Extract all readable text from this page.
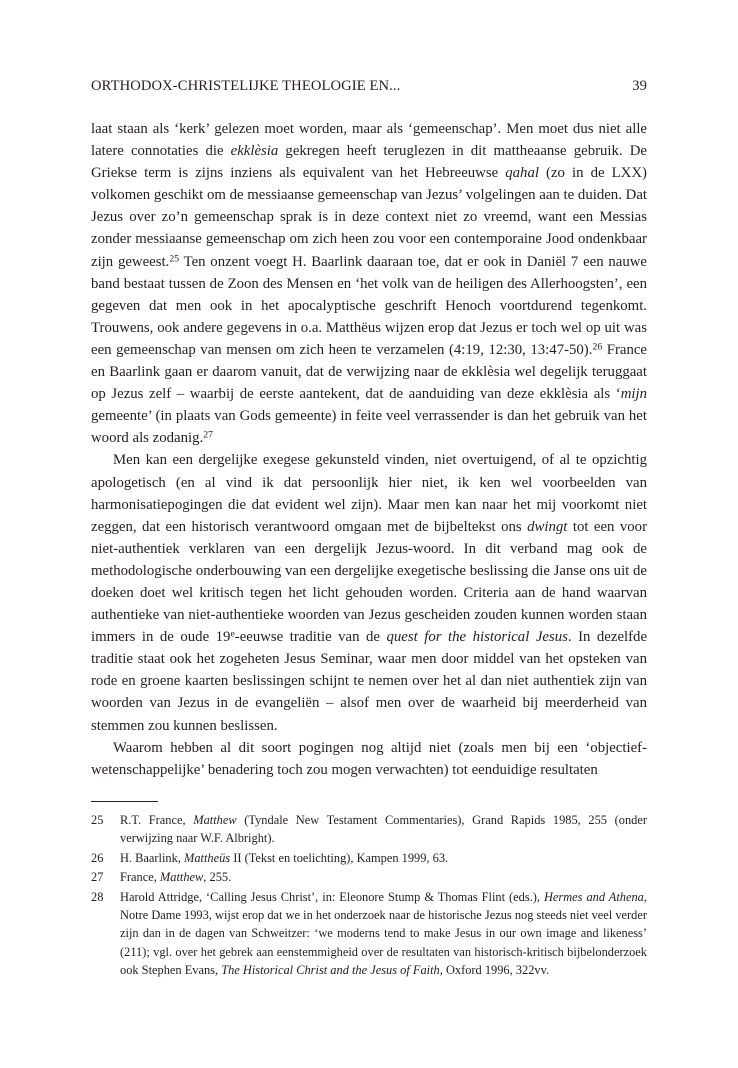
ORTHODOX-CHRISTELIJKE THEOLOGIE EN...	39

laat staan als ‘kerk’ gelezen moet worden, maar als ‘gemeenschap’. Men moet dus niet alle latere connotaties die ekklèsia gekregen heeft teruglezen in dit mattheaanse gebruik. De Griekse term is zijns inziens als equivalent van het Hebreeuwse qahal (zo in de LXX) volkomen geschikt om de messiaanse gemeenschap van Jezus’ volgelingen aan te duiden. Dat Jezus over zo’n gemeenschap sprak is in deze context niet zo vreemd, want een Messias zonder messiaanse gemeenschap om zich heen zou voor een contemporaine Jood ondenkbaar zijn geweest.$^{25}$ Ten onzent voegt H. Baarlink daaraan toe, dat er ook in Daniël 7 een nauwe band bestaat tussen de Zoon des Mensen en ‘het volk van de heiligen des Allerhoogsten’, een gegeven dat men ook in het apocalyptische geschrift Henoch voortdurend tegenkomt. Trouwens, ook andere gegevens in o.a. Matthëus wijzen erop dat Jezus er toch wel op uit was een gemeenschap van mensen om zich heen te verzamelen (4:19, 12:30, 13:47-50).$^{26}$ France en Baarlink gaan er daarom vanuit, dat de verwijzing naar de ekklèsia wel degelijk teruggaat op Jezus zelf – waarbij de eerste aantekent, dat de aanduiding van deze ekklèsia als ‘mijn gemeente’ (in plaats van Gods gemeente) in feite veel verrassender is dan het gebruik van het woord als zodanig.$^{27}$

Men kan een dergelijke exegese gekunsteld vinden, niet overtuigend, of al te opzichtig apologetisch (en al vind ik dat persoonlijk hier niet, ik ken wel voorbeelden van harmonisatiepogingen die dat evident wel zijn). Maar men kan naar het mij voorkomt niet zeggen, dat een historisch verantwoord omgaan met de bijbeltekst ons dwingt tot een voor niet-authentiek verklaren van een dergelijk Jezus-woord. In dit verband mag ook de methodologische onderbouwing van een dergelijke exegetische beslissing die Janse ons uit de doeken doet wel kritisch tegen het licht gehouden worden. Criteria aan de hand waarvan authentieke van niet-authentieke woorden van Jezus gescheiden zouden kunnen worden staan immers in de oude 19e-eeuwse traditie van de quest for the historical Jesus. In dezelfde traditie staat ook het zogeheten Jesus Seminar, waar men door middel van het opsteken van rode en groene kaarten beslissingen schijnt te nemen over het al dan niet authentiek zijn van woorden van Jezus in de evangeliën – alsof men over de waarheid bij meerderheid van stemmen zou kunnen beslissen.

Waarom hebben al dit soort pogingen nog altijd niet (zoals men bij een ‘objectief-wetenschappelijke’ benadering toch zou mogen verwachten) tot eenduidige resultaten

25	R.T. France, Matthew (Tyndale New Testament Commentaries), Grand Rapids 1985, 255 (onder verwijzing naar W.F. Albright).
26	H. Baarlink, Mattheüs II (Tekst en toelichting), Kampen 1999, 63.
27	France, Matthew, 255.
28	Harold Attridge, ‘Calling Jesus Christ’, in: Eleonore Stump & Thomas Flint (eds.), Hermes and Athena, Notre Dame 1993, wijst erop dat we in het onderzoek naar de historische Jezus nog steeds niet veel verder zijn dan in de dagen van Schweitzer: ‘we moderns tend to make Jesus in our own image and likeness’ (211); vgl. over het gebrek aan eenstemmigheid over de resultaten van historisch-kritisch bijbelonderzoek ook Stephen Evans, The Historical Christ and the Jesus of Faith, Oxford 1996, 322vv.
